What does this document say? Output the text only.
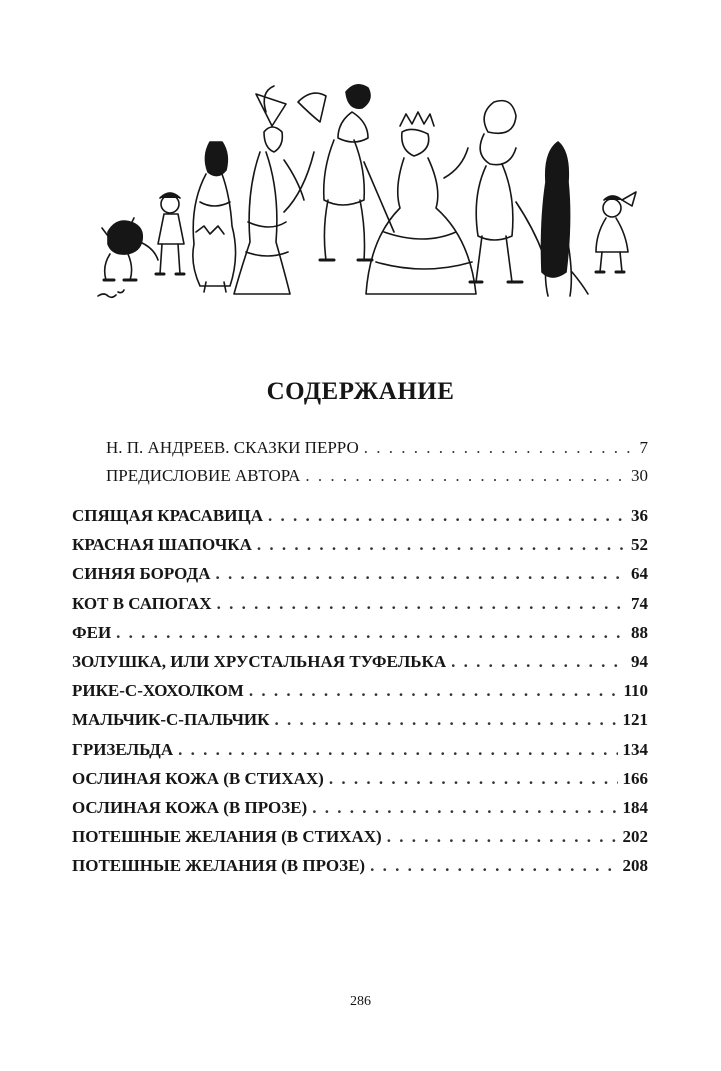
СОДЕРЖАНИЕ
Н. П. АНДРЕЕВ. СКАЗКИ ПЕРРО . . .	7
ПРЕДИСЛОВИЕ АВТОРА . . .	30
СПЯЩАЯ КРАСАВИЦА . . .	36
КРАСНАЯ ШАПОЧКА . . .	52
СИНЯЯ БОРОДА . . .	64
КОТ В САПОГАХ . . .	74
ФЕИ . . .	88
ЗОЛУШКА, ИЛИ ХРУСТАЛЬНАЯ ТУФЕЛЬКА . . .	94
РИКЕ-С-ХОХОЛКОМ . . .	110
МАЛЬЧИК-С-ПАЛЬЧИК . . .	121
ГРИЗЕЛЬДА . . .	134
ОСЛИНАЯ КОЖА (В СТИХАХ) . . .	166
ОСЛИНАЯ КОЖА (В ПРОЗЕ) . . .	184
ПОТЕШНЫЕ ЖЕЛАНИЯ (В СТИХАХ) . . .	202
ПОТЕШНЫЕ ЖЕЛАНИЯ (В ПРОЗЕ) . . .	208
286
